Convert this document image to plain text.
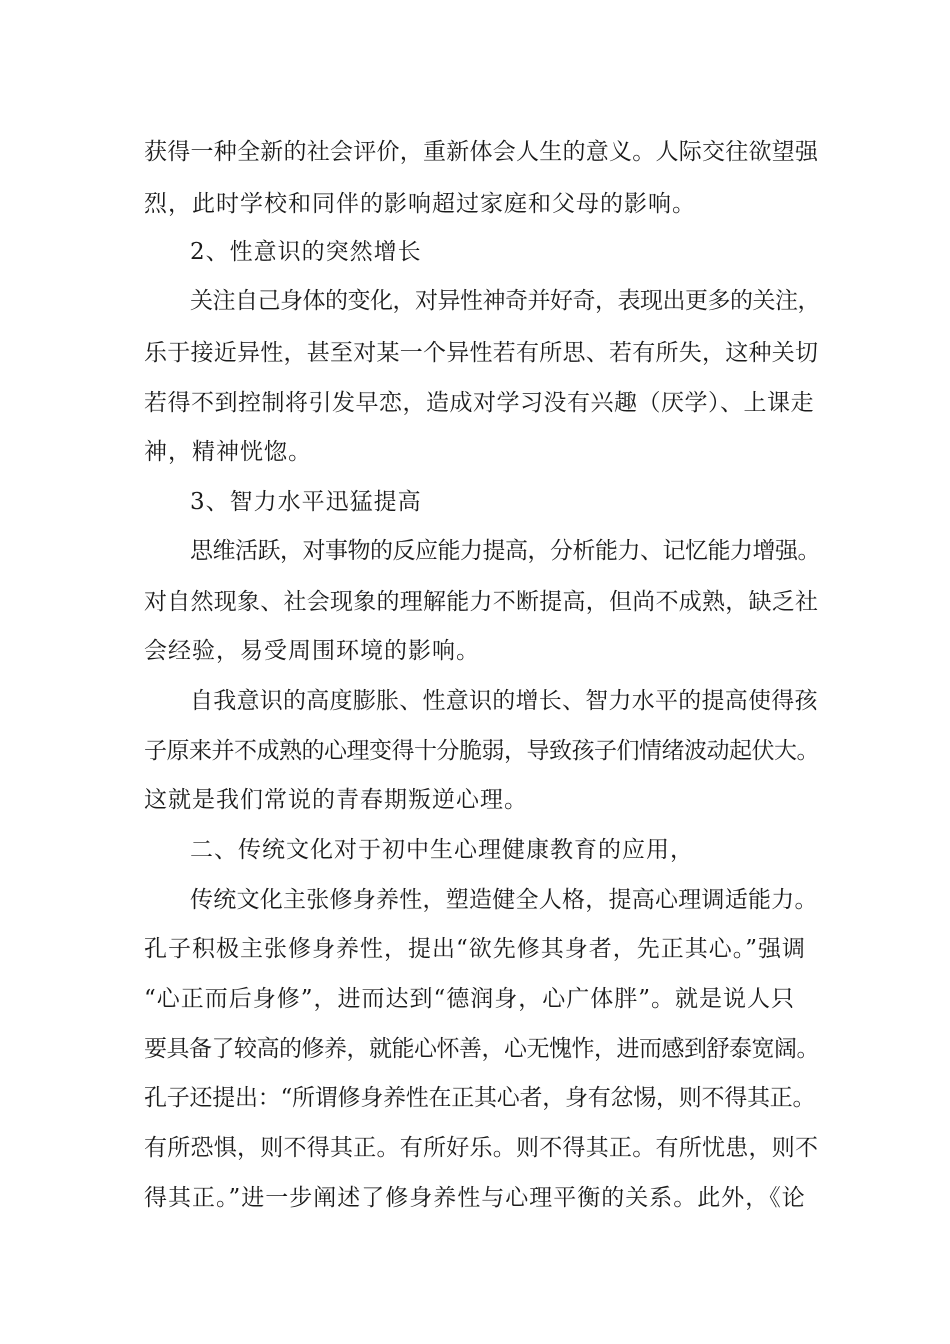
获得一种全新的社会评价，重新体会人生的意义。人际交往欲望强
烈，此时学校和同伴的影响超过家庭和父母的影响。
2、性意识的突然增长
关注自己身体的变化，对异性神奇并好奇，表现出更多的关注，
乐于接近异性，甚至对某一个异性若有所思、若有所失，这种关切
若得不到控制将引发早恋，造成对学习没有兴趣（厌学）、上课走
神，精神恍惚。
3、智力水平迅猛提高
思维活跃，对事物的反应能力提高，分析能力、记忆能力增强。
对自然现象、社会现象的理解能力不断提高，但尚不成熟，缺乏社
会经验，易受周围环境的影响。
自我意识的高度膨胀、性意识的增长、智力水平的提高使得孩
子原来并不成熟的心理变得十分脆弱，导致孩子们情绪波动起伏大。
这就是我们常说的青春期叛逆心理。
二、传统文化对于初中生心理健康教育的应用，
传统文化主张修身养性，塑造健全人格，提高心理调适能力。
孔子积极主张修身养性，提出“欲先修其身者，先正其心。”强调
“心正而后身修”，进而达到“德润身，心广体胖”。就是说人只
要具备了较高的修养，就能心怀善，心无愧怍，进而感到舒泰宽阔。
孔子还提出：“所谓修身养性在正其心者，身有忿惕，则不得其正。
有所恐惧，则不得其正。有所好乐。则不得其正。有所忧患，则不
得其正。”进一步阐述了修身养性与心理平衡的关系。此外，《论
